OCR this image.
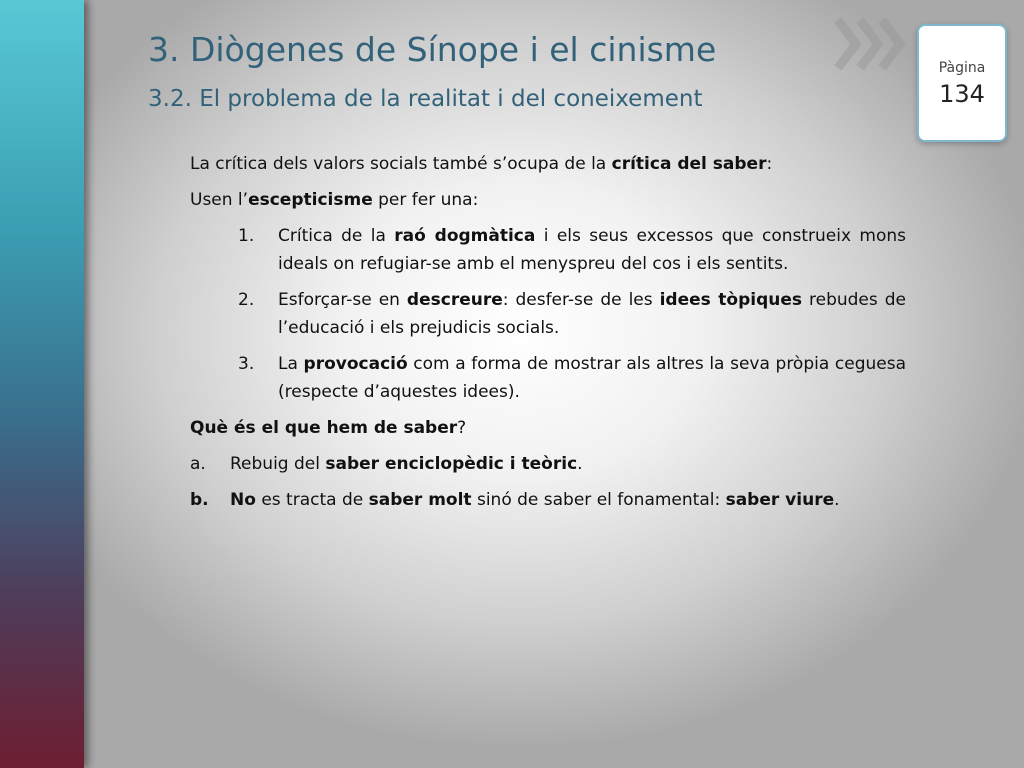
3. Diògenes de Sínope i el cinisme
3.2. El problema de la realitat i del coneixement
Pàgina
134

La crítica dels valors socials també s’ocupa de la crítica del saber:

Usen l’escepticisme per fer una:

1.	Crítica de la raó dogmàtica i els seus excessos que construeix mons ideals on refugiar-se amb el menyspreu del cos i els sentits.
2.	Esforçar-se en descreure: desfer-se de les idees tòpiques rebudes de l’educació i els prejudicis socials.
3.	La provocació com a forma de mostrar als altres la seva pròpia ceguesa (respecte d’aquestes idees).

Què és el que hem de saber?

a.	Rebuig del saber enciclopèdic i teòric.
b.	No es tracta de saber molt sinó de saber el fonamental: saber viure.
